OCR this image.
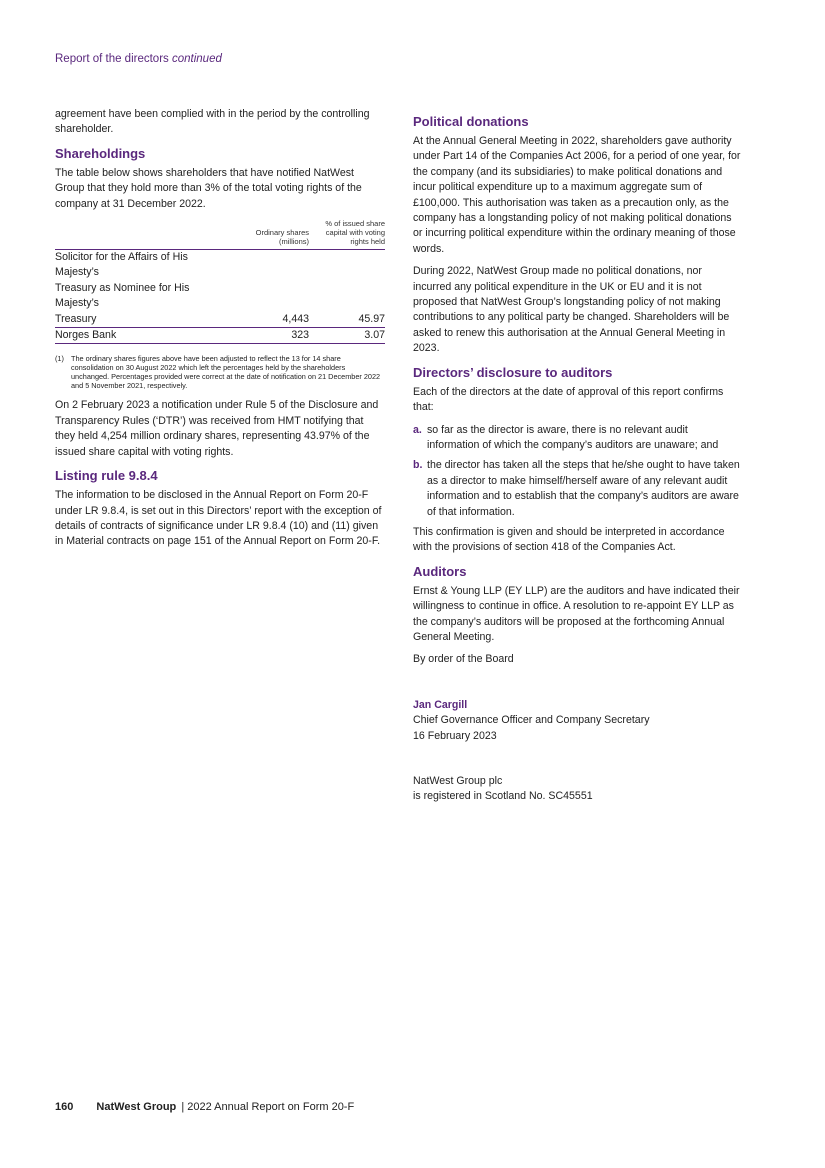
Report of the directors continued

agreement have been complied with in the period by the controlling shareholder.

Shareholdings

The table below shows shareholders that have notified NatWest Group that they hold more than 3% of the total voting rights of the company at 31 December 2022.

	Ordinary shares (millions)	% of issued share capital with voting rights held
Solicitor for the Affairs of His Majesty’s		
Treasury as Nominee for His Majesty’s		
Treasury	4,443	45.97
Norges Bank	323	3.07
(1) The ordinary shares figures above have been adjusted to reflect the 13 for 14 share consolidation on 30 August 2022 which left the percentages held by the shareholders unchanged. Percentages provided were correct at the date of notification on 21 December 2022 and 5 November 2021, respectively.

On 2 February 2023 a notification under Rule 5 of the Disclosure and Transparency Rules (‘DTR’) was received from HMT notifying that they held 4,254 million ordinary shares, representing 43.97% of the issued share capital with voting rights.

Listing rule 9.8.4

The information to be disclosed in the Annual Report on Form 20-F under LR 9.8.4, is set out in this Directors’ report with the exception of details of contracts of significance under LR 9.8.4 (10) and (11) given in Material contracts on page 151 of the Annual Report on Form 20-F.

Political donations

At the Annual General Meeting in 2022, shareholders gave authority under Part 14 of the Companies Act 2006, for a period of one year, for the company (and its subsidiaries) to make political donations and incur political expenditure up to a maximum aggregate sum of £100,000. This authorisation was taken as a precaution only, as the company has a longstanding policy of not making political donations or incurring political expenditure within the ordinary meaning of those words.

During 2022, NatWest Group made no political donations, nor incurred any political expenditure in the UK or EU and it is not proposed that NatWest Group’s longstanding policy of not making contributions to any political party be changed. Shareholders will be asked to renew this authorisation at the Annual General Meeting in 2023.

Directors’ disclosure to auditors

Each of the directors at the date of approval of this report confirms that:

a. so far as the director is aware, there is no relevant audit information of which the company’s auditors are unaware; and
b. the director has taken all the steps that he/she ought to have taken as a director to make himself/herself aware of any relevant audit information and to establish that the company’s auditors are aware of that information.

This confirmation is given and should be interpreted in accordance with the provisions of section 418 of the Companies Act.

Auditors

Ernst & Young LLP (EY LLP) are the auditors and have indicated their willingness to continue in office. A resolution to re-appoint EY LLP as the company’s auditors will be proposed at the forthcoming Annual General Meeting.

By order of the Board

Jan Cargill
Chief Governance Officer and Company Secretary
16 February 2023
NatWest Group plc
is registered in Scotland No. SC45551
160 NatWest Group | 2022 Annual Report on Form 20-F
